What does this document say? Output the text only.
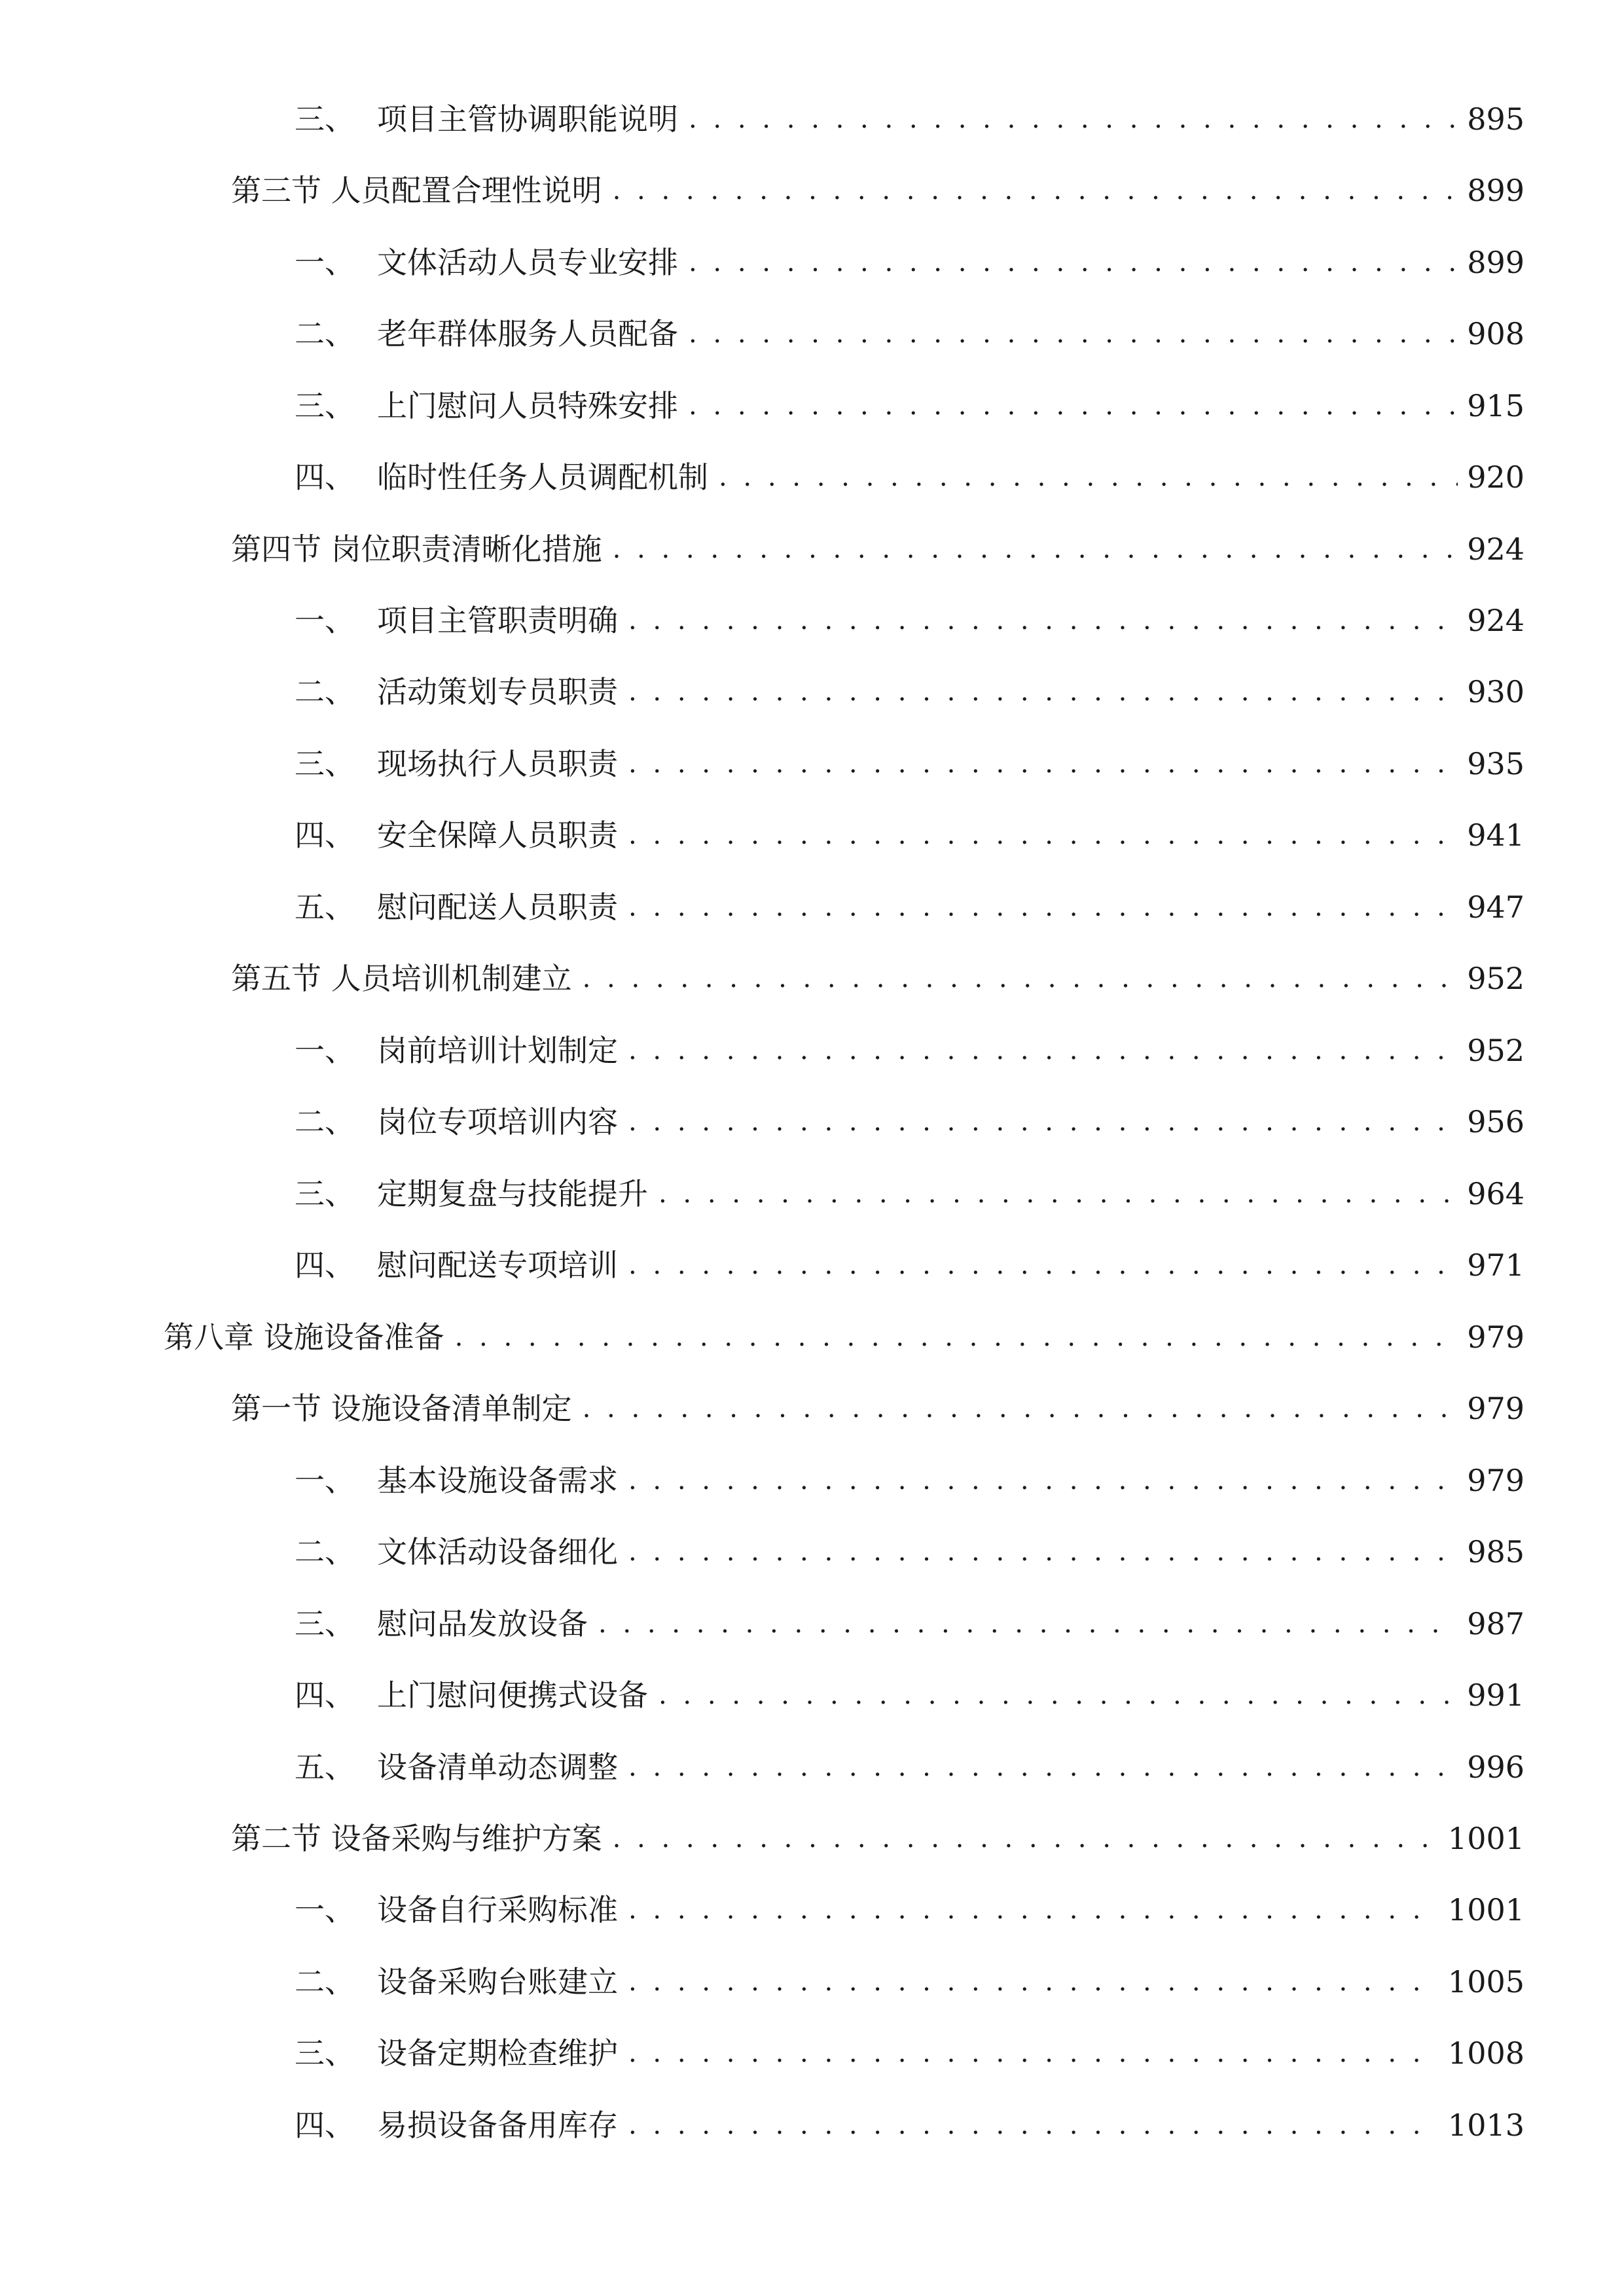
三、 项目主管协调职能说明 . . .	895
第三节 人员配置合理性说明 . . .	899
一、 文体活动人员专业安排 . . .	899
二、 老年群体服务人员配备 . . .	908
三、 上门慰问人员特殊安排 . . .	915
四、 临时性任务人员调配机制 . . .	920
第四节 岗位职责清晰化措施 . . .	924
一、 项目主管职责明确 . . .	924
二、 活动策划专员职责 . . .	930
三、 现场执行人员职责 . . .	935
四、 安全保障人员职责 . . .	941
五、 慰问配送人员职责 . . .	947
第五节 人员培训机制建立 . . .	952
一、 岗前培训计划制定 . . .	952
二、 岗位专项培训内容 . . .	956
三、 定期复盘与技能提升 . . .	964
四、 慰问配送专项培训 . . .	971
第八章 设施设备准备 . . .	979
第一节 设施设备清单制定 . . .	979
一、 基本设施设备需求 . . .	979
二、 文体活动设备细化 . . .	985
三、 慰问品发放设备 . . .	987
四、 上门慰问便携式设备 . . .	991
五、 设备清单动态调整 . . .	996
第二节 设备采购与维护方案 . . .	1001
一、 设备自行采购标准 . . .	1001
二、 设备采购台账建立 . . .	1005
三、 设备定期检查维护 . . .	1008
四、 易损设备备用库存 . . .	1013
